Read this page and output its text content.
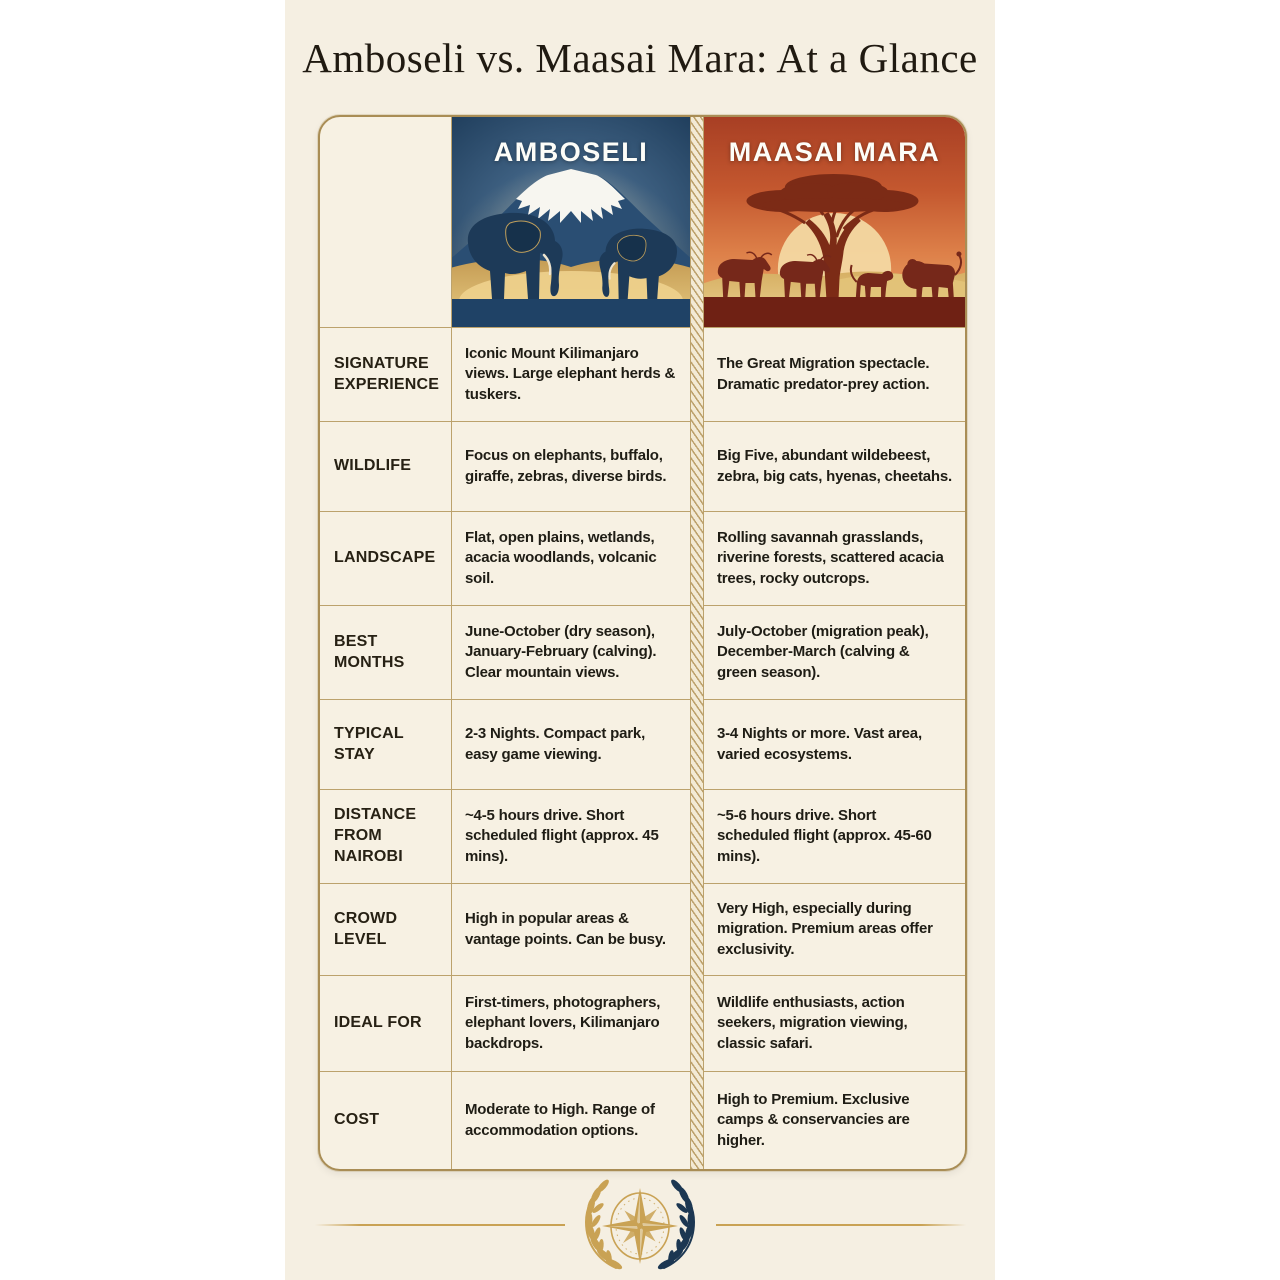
Amboseli vs. Maasai Mara: At a Glance
AMBOSELI	MAASAI MARA
SIGNATURE EXPERIENCE
Iconic Mount Kilimanjaro views. Large elephant herds & tuskers.
The Great Migration spectacle. Dramatic predator-prey action.
WILDLIFE
Focus on elephants, buffalo, giraffe, zebras, diverse birds.
Big Five, abundant wildebeest, zebra, big cats, hyenas, cheetahs.
LANDSCAPE
Flat, open plains, wetlands, acacia woodlands, volcanic soil.
Rolling savannah grasslands, riverine forests, scattered acacia trees, rocky outcrops.
BEST MONTHS
June-October (dry season), January-February (calving). Clear mountain views.
July-October (migration peak), December-March (calving & green season).
TYPICAL STAY
2-3 Nights. Compact park, easy game viewing.
3-4 Nights or more. Vast area, varied ecosystems.
DISTANCE FROM NAIROBI
~4-5 hours drive. Short scheduled flight (approx. 45 mins).
~5-6 hours drive. Short scheduled flight (approx. 45-60 mins).
CROWD LEVEL
High in popular areas & vantage points. Can be busy.
Very High, especially during migration. Premium areas offer exclusivity.
IDEAL FOR
First-timers, photographers, elephant lovers, Kilimanjaro backdrops.
Wildlife enthusiasts, action seekers, migration viewing, classic safari.
COST
Moderate to High. Range of accommodation options.
High to Premium. Exclusive camps & conservancies are higher.
